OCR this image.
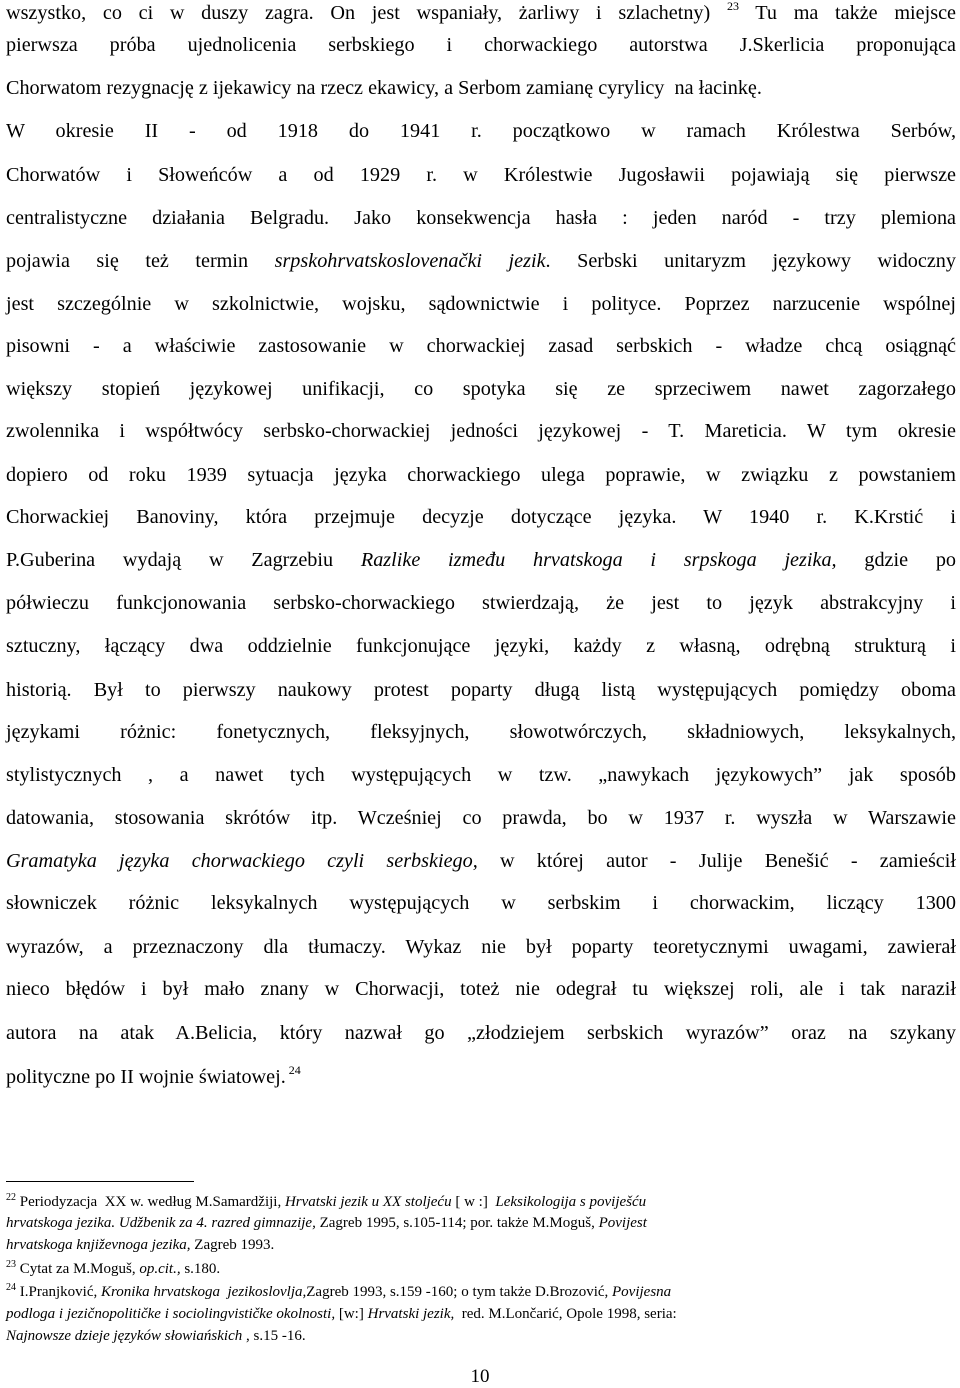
wszystko, co ci w duszy zagra. On jest wspaniały, żarliwy i szlachetny) $^{23}$ Tu ma także miejsce
pierwsza próba ujednolicenia serbskiego i chorwackiego autorstwa J.Skerlicia proponująca
Chorwatom rezygnację z ijekawicy na rzecz ekawicy, a Serbom zamianę cyrylicy  na łacinkę.
W okresie II - od 1918 do 1941 r. początkowo w ramach Królestwa Serbów,
Chorwatów i Słoweńców a od 1929 r. w Królestwie Jugosławii pojawiają się pierwsze
centralistyczne działania Belgradu. Jako konsekwencja hasła : jeden naród - trzy plemiona
pojawia się też termin srpskohrvatskoslovenački jezik. Serbski unitaryzm językowy widoczny
jest szczególnie w szkolnictwie, wojsku, sądownictwie i polityce. Poprzez narzucenie wspólnej
pisowni - a właściwie zastosowanie w chorwackiej zasad serbskich - władze chcą osiągnąć
większy stopień językowej unifikacji, co spotyka się ze sprzeciwem nawet zagorzałego
zwolennika i współtwócy serbsko-chorwackiej jedności językowej - T. Mareticia. W tym okresie
dopiero od roku 1939 sytuacja języka chorwackiego ulega poprawie, w związku z powstaniem
Chorwackiej Banoviny, która przejmuje decyzje dotyczące języka. W 1940 r. K.Krstić i
P.Guberina wydają w Zagrzebiu Razlike između hrvatskoga i srpskoga jezika, gdzie po
półwieczu funkcjonowania serbsko-chorwackiego stwierdzają, że jest to język abstrakcyjny i
sztuczny, łączący dwa oddzielnie funkcjonujące języki, każdy z własną, odrębną strukturą i
historią. Był to pierwszy naukowy protest poparty długą listą występujących pomiędzy oboma
językami różnic: fonetycznych, fleksyjnych, słowotwórczych, składniowych, leksykalnych,
stylistycznych , a nawet tych występujących w tzw. „nawykach językowych” jak sposób
datowania, stosowania skrótów itp. Wcześniej co prawda, bo w 1937 r. wyszła w Warszawie
Gramatyka języka chorwackiego czyli serbskiego, w której autor - Julije Benešić - zamieścił
słowniczek różnic leksykalnych występujących w serbskim i chorwackim, liczący 1300
wyrazów, a przeznaczony dla tłumaczy. Wykaz nie był poparty teoretycznymi uwagami, zawierał
nieco błędów i był mało znany w Chorwacji, toteż nie odegrał tu większej roli, ale i tak naraził
autora na atak A.Belicia, który nazwał go „złodziejem serbskich wyrazów” oraz na szykany
polityczne po II wojnie światowej. $^{24}$
$^{22}$ Periodyzacja  XX w. według M.Samardžiji, Hrvatski jezik u XX stoljeću [ w :]  Leksikologija s poviješću
hrvatskoga jezika. Udžbenik za 4. razred gimnazije, Zagreb 1995, s.105-114; por. także M.Moguš, Povijest
hrvatskoga književnoga jezika, Zagreb 1993.
$^{23}$ Cytat za M.Moguš, op.cit., s.180.
$^{24}$ I.Pranjković, Kronika hrvatskoga  jezikoslovlja,Zagreb 1993, s.159 -160; o tym także D.Brozović, Povijesna
podloga i jezičnopolitičke i sociolingvističke okolnosti, [w:] Hrvatski jezik,  red. M.Lončarić, Opole 1998, seria:
Najnowsze dzieje języków słowiańskich , s.15 -16.
10
